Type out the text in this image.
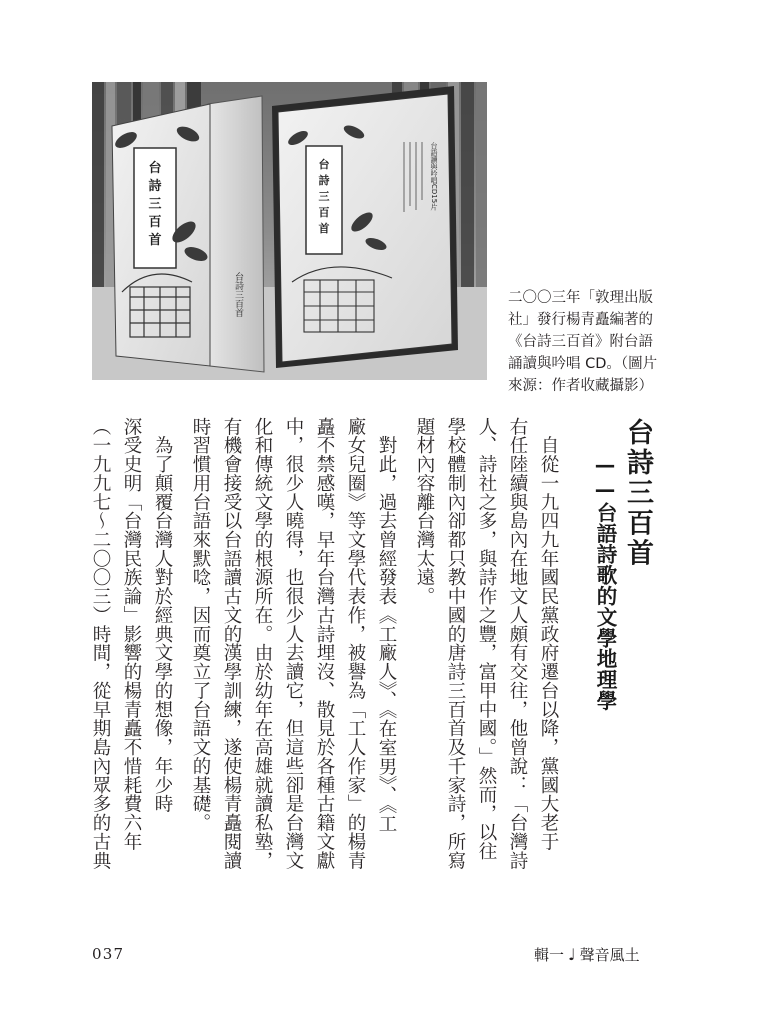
台
詩
三
百
首
台詩三百首
台
詩
三
百
首
台語讀與吟唱CD15片
二〇〇三年「敦理出版
社」發行楊青矗編著的
《台詩三百首》附台語
誦讀與吟唱 CD。（圖片
來源：作者收藏攝影）
台詩三百首
——台語詩歌的文學地理學
　自從一九四九年國民黨政府遷台以降，黨國大老于
右任陸續與島內在地文人頗有交往，他曾說：「台灣詩
人、詩社之多，與詩作之豐，富甲中國。」然而，以往
學校體制內卻都只教中國的唐詩三百首及千家詩，所寫
題材內容離台灣太遠。
　對此，過去曾經發表《工廠人》、《在室男》、《工
廠女兒圈》等文學代表作，被譽為「工人作家」的楊青
矗不禁感嘆，早年台灣古詩埋沒、散見於各種古籍文獻
中，很少人曉得，也很少人去讀它，但這些卻是台灣文
化和傳統文學的根源所在。由於幼年在高雄就讀私塾，
有機會接受以台語讀古文的漢學訓練，遂使楊青矗閱讀
時習慣用台語來默唸，因而奠立了台語文的基礎。
　為了顛覆台灣人對於經典文學的想像，年少時
深受史明「台灣民族論」影響的楊青矗不惜耗費六年
（一九九七～二〇〇三）時間，從早期島內眾多的古典
037	輯一 ♩ 聲音風土
